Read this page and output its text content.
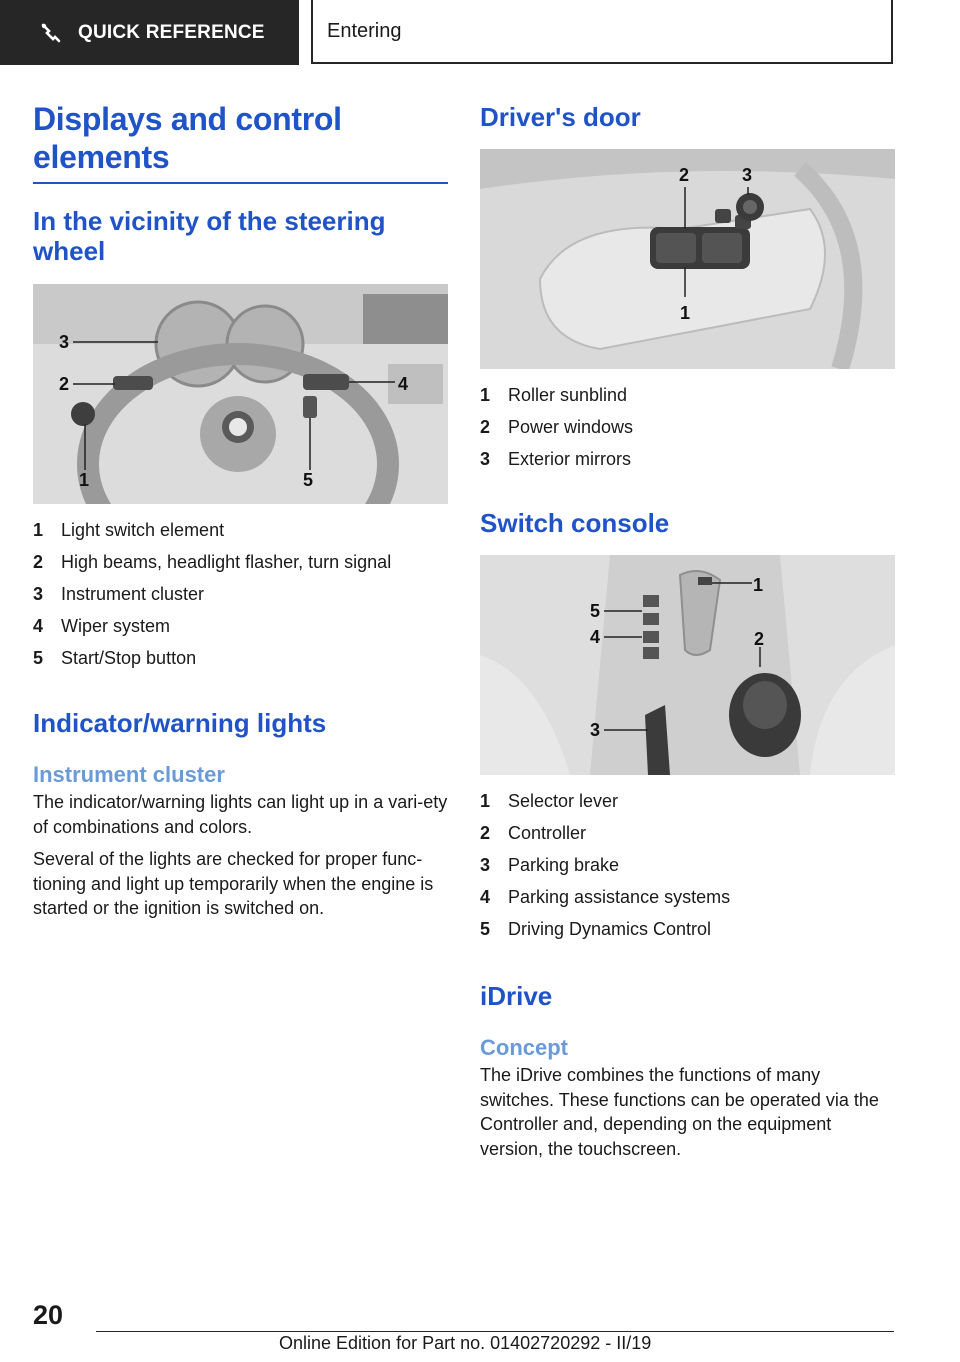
QUICK REFERENCE	Entering
Displays and control elements
In the vicinity of the steering wheel
3
2	4
1	5
1 Light switch element
2 High beams, headlight flasher, turn signal
3 Instrument cluster
4 Wiper system
5 Start/Stop button
Indicator/warning lights
Instrument cluster

The indicator/warning lights can light up in a vari-ety of combinations and colors.

Several of the lights are checked for proper func-tioning and light up temporarily when the engine is started or the ignition is switched on.

Driver's door
2	3
1
1 Roller sunblind
2 Power windows
3 Exterior mirrors
Switch console
1
5
4	2
3
1 Selector lever
2 Controller
3 Parking brake
4 Parking assistance systems
5 Driving Dynamics Control
iDrive
Concept

The iDrive combines the functions of many switches. These functions can be operated via the Controller and, depending on the equipment version, the touchscreen.

20
Online Edition for Part no. 01402720292 - II/19
